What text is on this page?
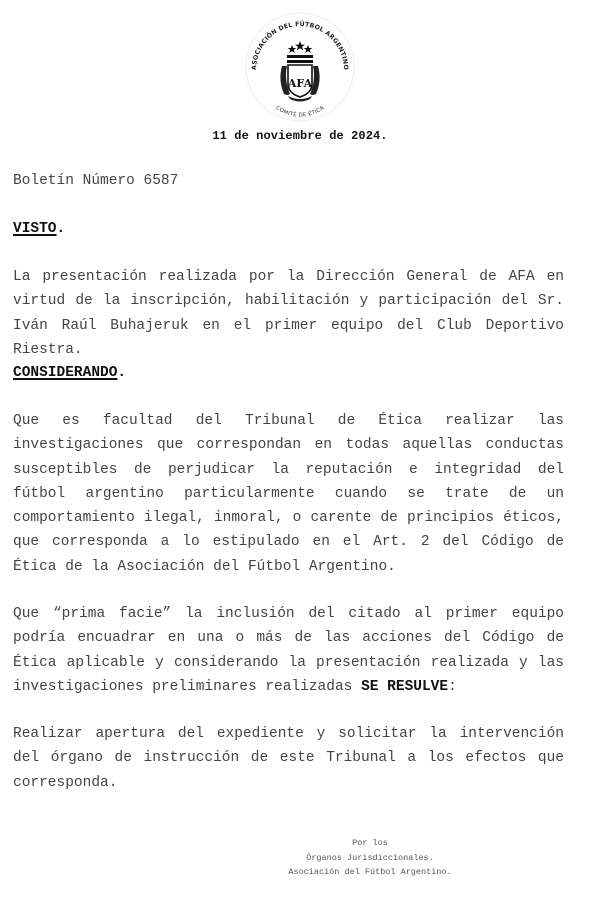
ASOCIACIÓN DEL FÚTBOL ARGENTINO
COMITÉ DE ÉTICA
AFA
11 de noviembre de 2024.
Boletín Número 6587
VISTO.
La presentación realizada por la Dirección General de AFA en virtud de la inscripción, habilitación y participación del Sr. Iván Raúl Buhajeruk en el primer equipo del Club Deportivo Riestra.
CONSIDERANDO.
Que es facultad del Tribunal de Ética realizar las investigaciones que correspondan en todas aquellas conductas susceptibles de perjudicar la reputación e integridad del fútbol argentino particularmente cuando se trate de un comportamiento ilegal, inmoral, o carente de principios éticos, que corresponda a lo estipulado en el Art. 2 del Código de Ética de la Asociación del Fútbol Argentino.
Que “prima facie” la inclusión del citado al primer equipo podría encuadrar en una o más de las acciones del Código de Ética aplicable y considerando la presentación realizada y las investigaciones preliminares realizadas SE RESULVE:
Realizar apertura del expediente y solicitar la intervención del órgano de instrucción de este Tribunal a los efectos que corresponda.
Por los
Órganos Jurisdiccionales.
Asociación del Fútbol Argentino.
